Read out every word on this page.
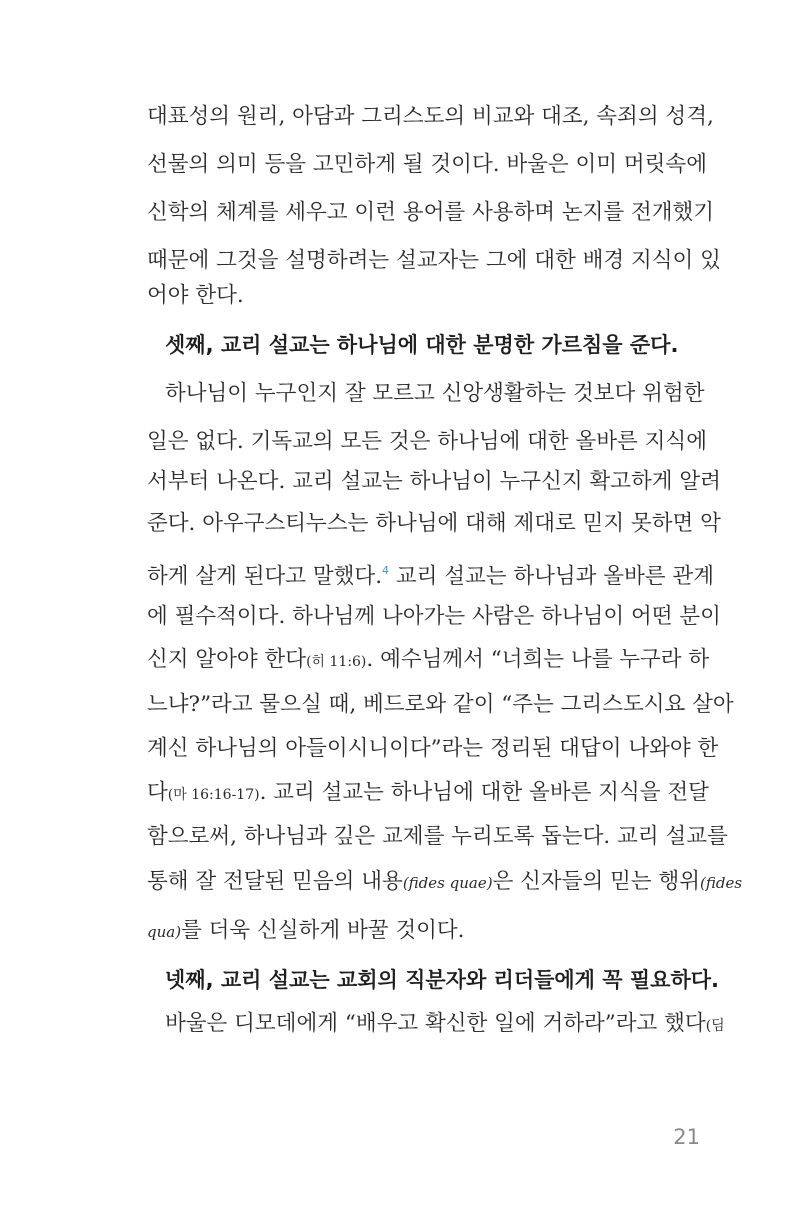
대표성의 원리, 아담과 그리스도의 비교와 대조, 속죄의 성격,
선물의 의미 등을 고민하게 될 것이다. 바울은 이미 머릿속에
신학의 체계를 세우고 이런 용어를 사용하며 논지를 전개했기
때문에 그것을 설명하려는 설교자는 그에 대한 배경 지식이 있
어야 한다.
셋째, 교리 설교는 하나님에 대한 분명한 가르침을 준다.
하나님이 누구인지 잘 모르고 신앙생활하는 것보다 위험한
일은 없다. 기독교의 모든 것은 하나님에 대한 올바른 지식에
서부터 나온다. 교리 설교는 하나님이 누구신지 확고하게 알려
준다. 아우구스티누스는 하나님에 대해 제대로 믿지 못하면 악
하게 살게 된다고 말했다.$^4$ 교리 설교는 하나님과 올바른 관계
에 필수적이다. 하나님께 나아가는 사람은 하나님이 어떤 분이
신지 알아야 한다(히 11:6). 예수님께서 “너희는 나를 누구라 하
느냐?”라고 물으실 때, 베드로와 같이 “주는 그리스도시요 살아
계신 하나님의 아들이시니이다”라는 정리된 대답이 나와야 한
다(마 16:16-17). 교리 설교는 하나님에 대한 올바른 지식을 전달
함으로써, 하나님과 깊은 교제를 누리도록 돕는다. 교리 설교를
통해 잘 전달된 믿음의 내용(fides quae)은 신자들의 믿는 행위(fides
qua)를 더욱 신실하게 바꿀 것이다.
넷째, 교리 설교는 교회의 직분자와 리더들에게 꼭 필요하다.
바울은 디모데에게 “배우고 확신한 일에 거하라”라고 했다(딤
21
